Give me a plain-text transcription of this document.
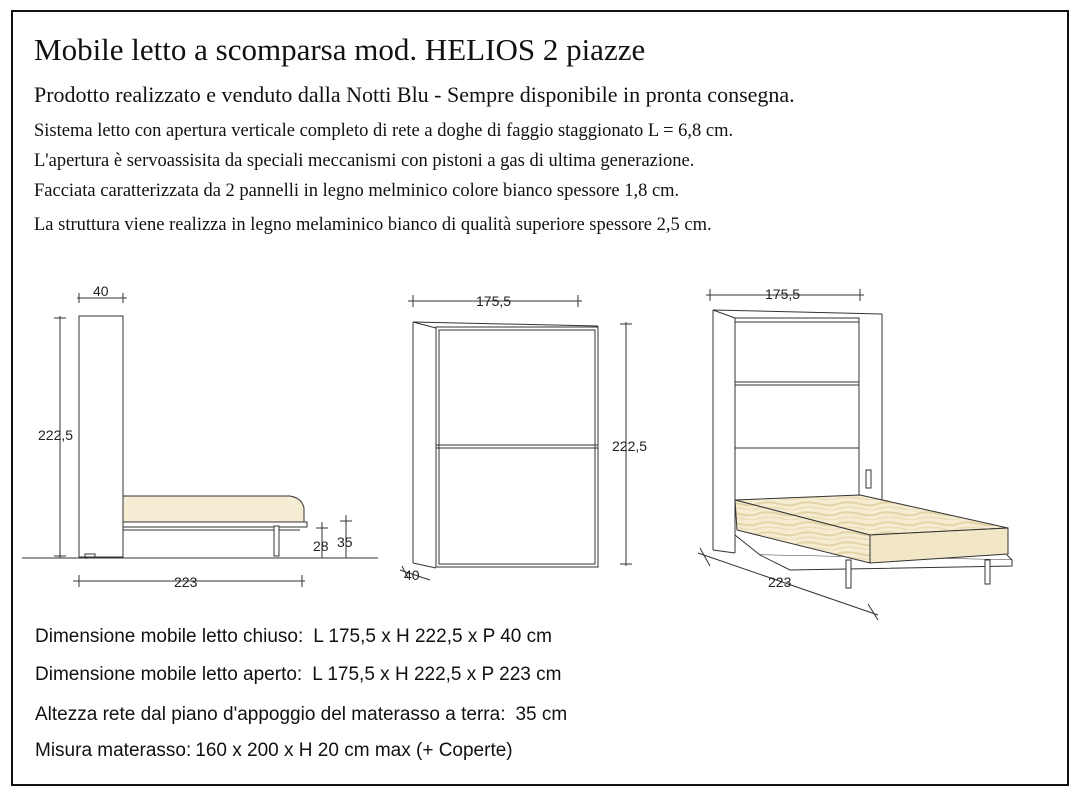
Mobile letto a scomparsa mod. HELIOS 2 piazze
Prodotto realizzato e venduto dalla Notti Blu - Sempre disponibile in pronta consegna.
Sistema letto con apertura verticale completo di rete a doghe di faggio staggionato L = 6,8 cm.
L'apertura è servoassisita da speciali meccanismi con pistoni a gas di ultima generazione.
Facciata caratterizzata da 2 pannelli in legno melminico colore bianco spessore 1,8 cm.
La struttura viene realizza in legno melaminico bianco di qualità superiore spessore 2,5 cm.
40
222,5
223
28 35
175,5
222,5
40
175,5
223
Dimensione mobile letto chiuso: L 175,5 x H 222,5 x P 40 cm
Dimensione mobile letto aperto: L 175,5 x H 222,5 x P 223 cm
Altezza rete dal piano d'appoggio del materasso a terra: 35 cm
Misura materasso: 160 x 200 x H 20 cm max (+ Coperte)
